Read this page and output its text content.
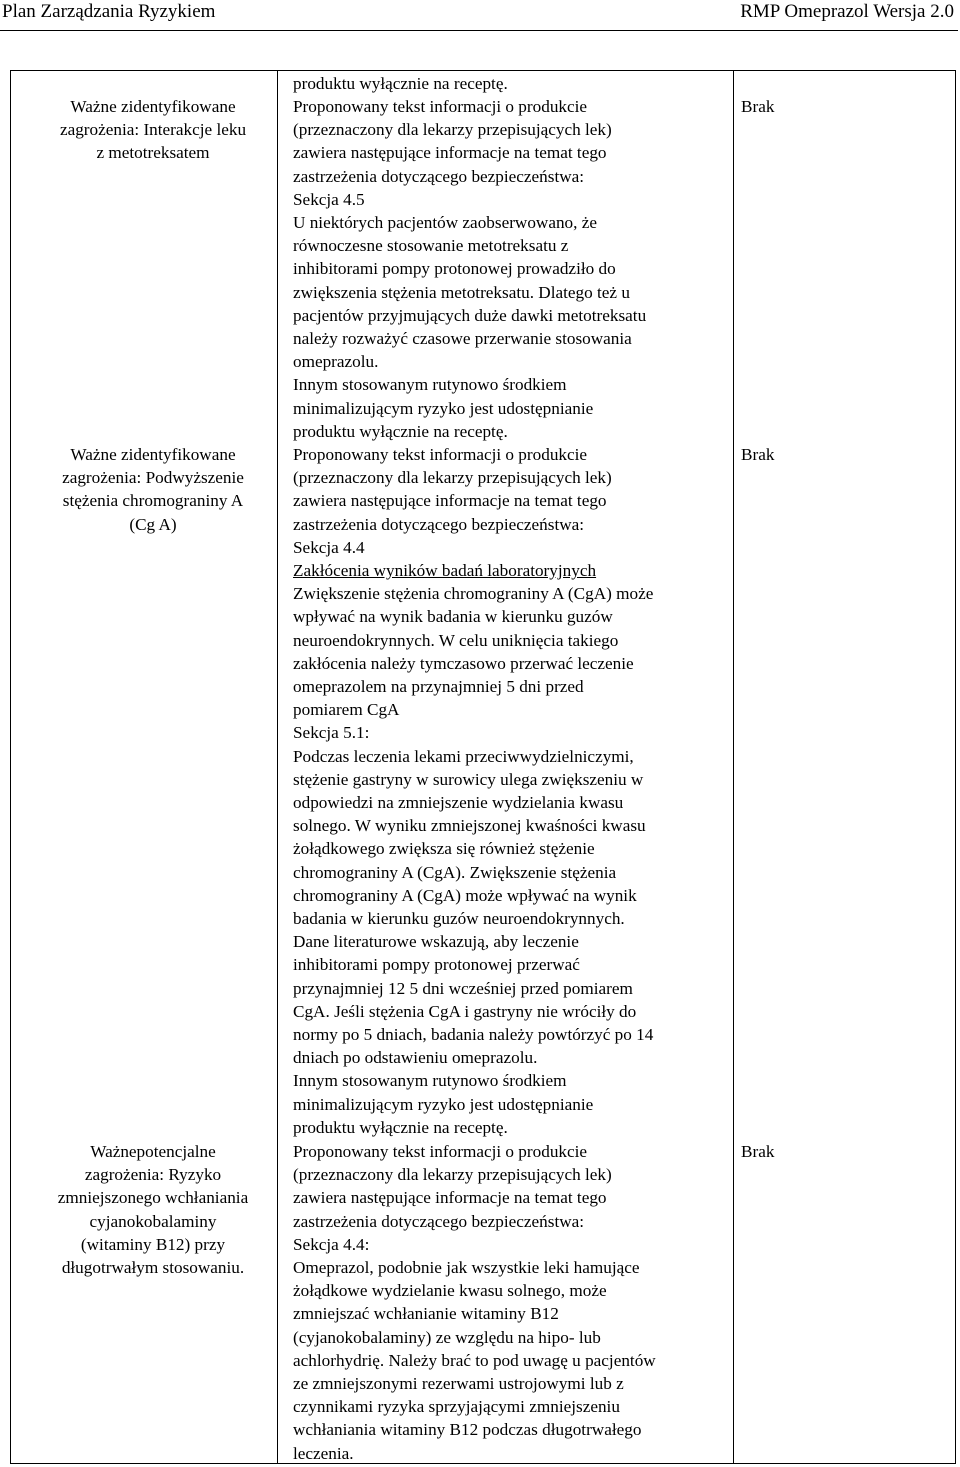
Plan Zarządzania Ryzykiem	RMP Omeprazol Wersja 2.0
produktu wyłącznie na receptę.
Ważne zidentyfikowane
zagrożenia: Interakcje leku
z metotreksatem
Proponowany tekst informacji o produkcie
(przeznaczony dla lekarzy przepisujących lek)
zawiera następujące informacje na temat tego
zastrzeżenia dotyczącego bezpieczeństwa:
Sekcja 4.5
U niektórych pacjentów zaobserwowano, że
równoczesne stosowanie metotreksatu z
inhibitorami pompy protonowej prowadziło do
zwiększenia stężenia metotreksatu. Dlatego też u
pacjentów przyjmujących duże dawki metotreksatu
należy rozważyć czasowe przerwanie stosowania
omeprazolu.
Innym stosowanym rutynowo środkiem
minimalizującym ryzyko jest udostępnianie
produktu wyłącznie na receptę.
Brak
Ważne zidentyfikowane
zagrożenia: Podwyższenie
stężenia chromograniny A
(Cg A)
Proponowany tekst informacji o produkcie
(przeznaczony dla lekarzy przepisujących lek)
zawiera następujące informacje na temat tego
zastrzeżenia dotyczącego bezpieczeństwa:
Sekcja 4.4
Zakłócenia wyników badań laboratoryjnych
Zwiększenie stężenia chromograniny A (CgA) może
wpływać na wynik badania w kierunku guzów
neuroendokrynnych. W celu uniknięcia takiego
zakłócenia należy tymczasowo przerwać leczenie
omeprazolem na przynajmniej 5 dni przed
pomiarem CgA
Sekcja 5.1:
Podczas leczenia lekami przeciwwydzielniczymi,
stężenie gastryny w surowicy ulega zwiększeniu w
odpowiedzi na zmniejszenie wydzielania kwasu
solnego. W wyniku zmniejszonej kwaśności kwasu
żołądkowego zwiększa się również stężenie
chromograniny A (CgA). Zwiększenie stężenia
chromograniny A (CgA) może wpływać na wynik
badania w kierunku guzów neuroendokrynnych.
Dane literaturowe wskazują, aby leczenie
inhibitorami pompy protonowej przerwać
przynajmniej 12 5 dni wcześniej przed pomiarem
CgA. Jeśli stężenia CgA i gastryny nie wróciły do
normy po 5 dniach, badania należy powtórzyć po 14
dniach po odstawieniu omeprazolu.
Innym stosowanym rutynowo środkiem
minimalizującym ryzyko jest udostępnianie
produktu wyłącznie na receptę.
Brak
Ważnepotencjalne
zagrożenia: Ryzyko
zmniejszonego wchłaniania
cyjanokobalaminy
(witaminy B12) przy
długotrwałym stosowaniu.
Proponowany tekst informacji o produkcie
(przeznaczony dla lekarzy przepisujących lek)
zawiera następujące informacje na temat tego
zastrzeżenia dotyczącego bezpieczeństwa:
Sekcja 4.4:
Omeprazol, podobnie jak wszystkie leki hamujące
żołądkowe wydzielanie kwasu solnego, może
zmniejszać wchłanianie witaminy B12
(cyjanokobalaminy) ze względu na hipo- lub
achlorhydrię. Należy brać to pod uwagę u pacjentów
ze zmniejszonymi rezerwami ustrojowymi lub z
czynnikami ryzyka sprzyjającymi zmniejszeniu
wchłaniania witaminy B12 podczas długotrwałego
leczenia.
Brak
